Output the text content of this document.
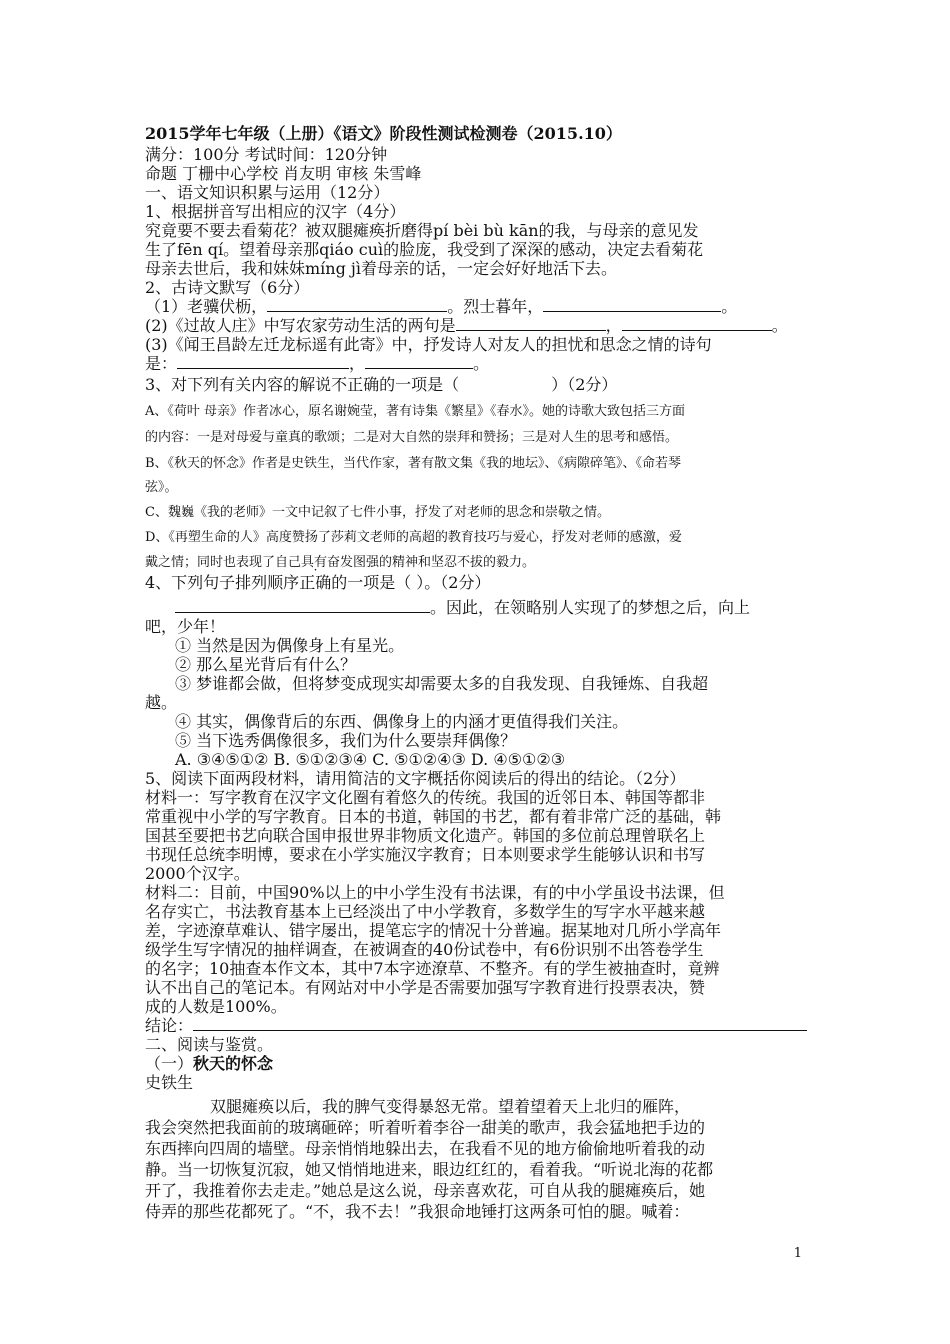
2015学年七年级（上册）《语文》阶段性测试检测卷（2015.10）
满分：100分 考试时间：120分钟
命题 丁栅中心学校 肖友明 审核 朱雪峰
一、语文知识积累与运用（12分）
1、根据拼音写出相应的汉字（4分）
究竟要不要去看菊花？被双腿瘫痪折磨得pí bèi bù kān的我，与母亲的意见发
生了fēn qí。望着母亲那qiáo cuì的脸庞，我受到了深深的感动，决定去看菊花
母亲去世后，我和妹妹míng jì着母亲的话，一定会好好地活下去。
2、古诗文默写（6分）
（1）老骥伏枥，	。烈士暮年，	。
(2)《过故人庄》中写农家劳动生活的两句是	，	。
(3)《闻王昌龄左迁龙标遥有此寄》中，抒发诗人对友人的担忧和思念之情的诗句
是：	，	。
3、对下列有关内容的解说不正确的一项是（	）（2分）
A、《荷叶 母亲》作者冰心，原名谢婉莹，著有诗集《繁星》《春水》。她的诗歌大致包括三方面
的内容：一是对母爱与童真的歌颂；二是对大自然的崇拜和赞扬；三是对人生的思考和感悟。
B、《秋天的怀念》作者是史铁生，当代作家，著有散文集《我的地坛》、《病隙碎笔》、《命若琴
弦》。
C、魏巍《我的老师》一文中记叙了七件小事，抒发了对老师的思念和崇敬之情。
D、《再塑生命的人》高度赞扬了莎莉文老师的高超的教育技巧与爱心，抒发对老师的感激，爱
戴之情；同时也表现了自己具有奋发图强的精神和坚忍不拔的毅力。
4、下列句子排列顺序正确的一项是（ ）。（2分）
。因此，在领略别人实现了的梦想之后，向上
吧，少年！
① 当然是因为偶像身上有星光。
② 那么星光背后有什么？
③ 梦谁都会做，但将梦变成现实却需要太多的自我发现、自我锤炼、自我超
越。
④ 其实，偶像背后的东西、偶像身上的内涵才更值得我们关注。
⑤ 当下选秀偶像很多，我们为什么要崇拜偶像？
A. ③④⑤①② B. ⑤①②③④ C. ⑤①②④③ D. ④⑤①②③
5、阅读下面两段材料，请用简洁的文字概括你阅读后的得出的结论。（2分）
材料一：写字教育在汉字文化圈有着悠久的传统。我国的近邻日本、韩国等都非
常重视中小学的写字教育。日本的书道，韩国的书艺，都有着非常广泛的基础，韩
国甚至要把书艺向联合国申报世界非物质文化遗产。韩国的多位前总理曾联名上
书现任总统李明博，要求在小学实施汉字教育；日本则要求学生能够认识和书写
2000个汉字。
材料二：目前，中国90%以上的中小学生没有书法课，有的中小学虽设书法课，但
名存实亡，书法教育基本上已经淡出了中小学教育，多数学生的写字水平越来越
差，字迹潦草难认、错字屡出，提笔忘字的情况十分普遍。据某地对几所小学高年
级学生写字情况的抽样调查，在被调查的40份试卷中，有6份识别不出答卷学生
的名字；10抽查本作文本，其中7本字迹潦草、不整齐。有的学生被抽查时，竟辨
认不出自己的笔记本。有网站对中小学是否需要加强写字教育进行投票表决，赞
成的人数是100%。
结论：
二、阅读与鉴赏。
（一）秋天的怀念
史铁生
双腿瘫痪以后，我的脾气变得暴怒无常。望着望着天上北归的雁阵，
我会突然把我面前的玻璃砸碎；听着听着李谷一甜美的歌声，我会猛地把手边的
东西摔向四周的墙壁。母亲悄悄地躲出去，在我看不见的地方偷偷地听着我的动
静。当一切恢复沉寂，她又悄悄地进来，眼边红红的，看着我。“听说北海的花都
开了，我推着你去走走。”她总是这么说，母亲喜欢花，可自从我的腿瘫痪后，她
侍弄的那些花都死了。“不，我不去！”我狠命地锤打这两条可怕的腿。喊着：
1
